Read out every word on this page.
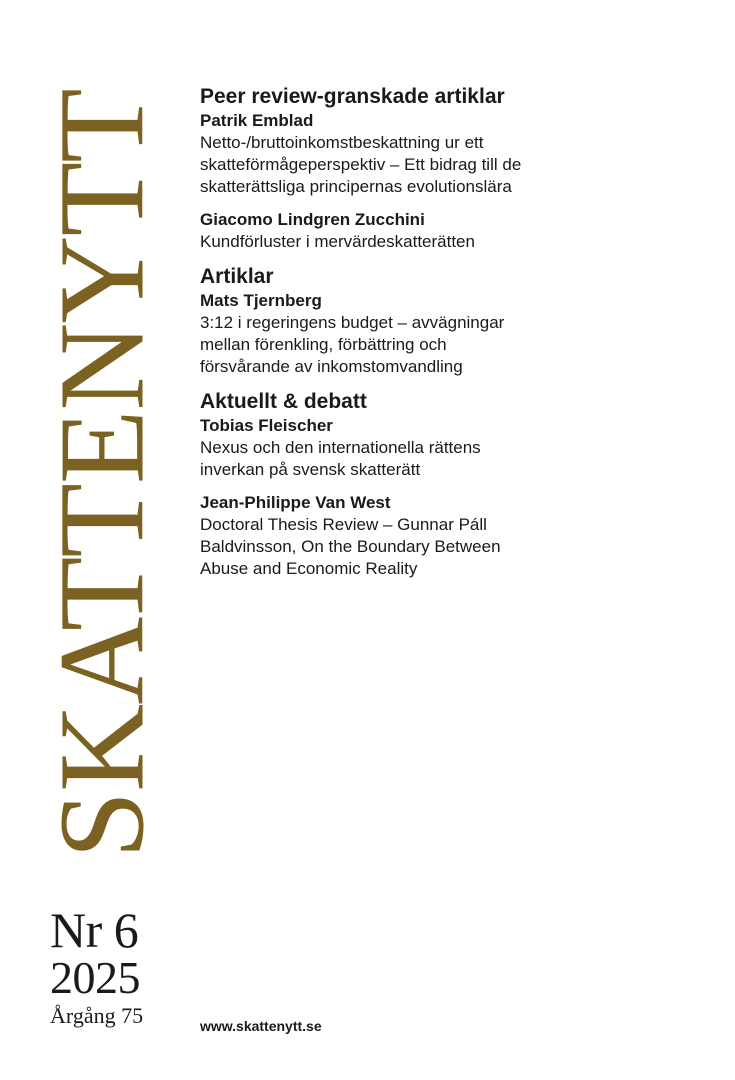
SKATTENYTT
Nr 6
2025
Årgång 75
Peer review-granskade artiklar
Patrik Emblad
Netto-/bruttoinkomstbeskattning ur ett
skatteförmågeperspektiv – Ett bidrag till de
skatterättsliga principernas evolutionslära
Giacomo Lindgren Zucchini
Kundförluster i mervärdeskatterätten
Artiklar
Mats Tjernberg
3:12 i regeringens budget – avvägningar
mellan förenkling, förbättring och
försvårande av inkomstomvandling
Aktuellt & debatt
Tobias Fleischer
Nexus och den internationella rättens
inverkan på svensk skatterätt
Jean-Philippe Van West
Doctoral Thesis Review – Gunnar Páll
Baldvinsson, On the Boundary Between
Abuse and Economic Reality
www.skattenytt.se
